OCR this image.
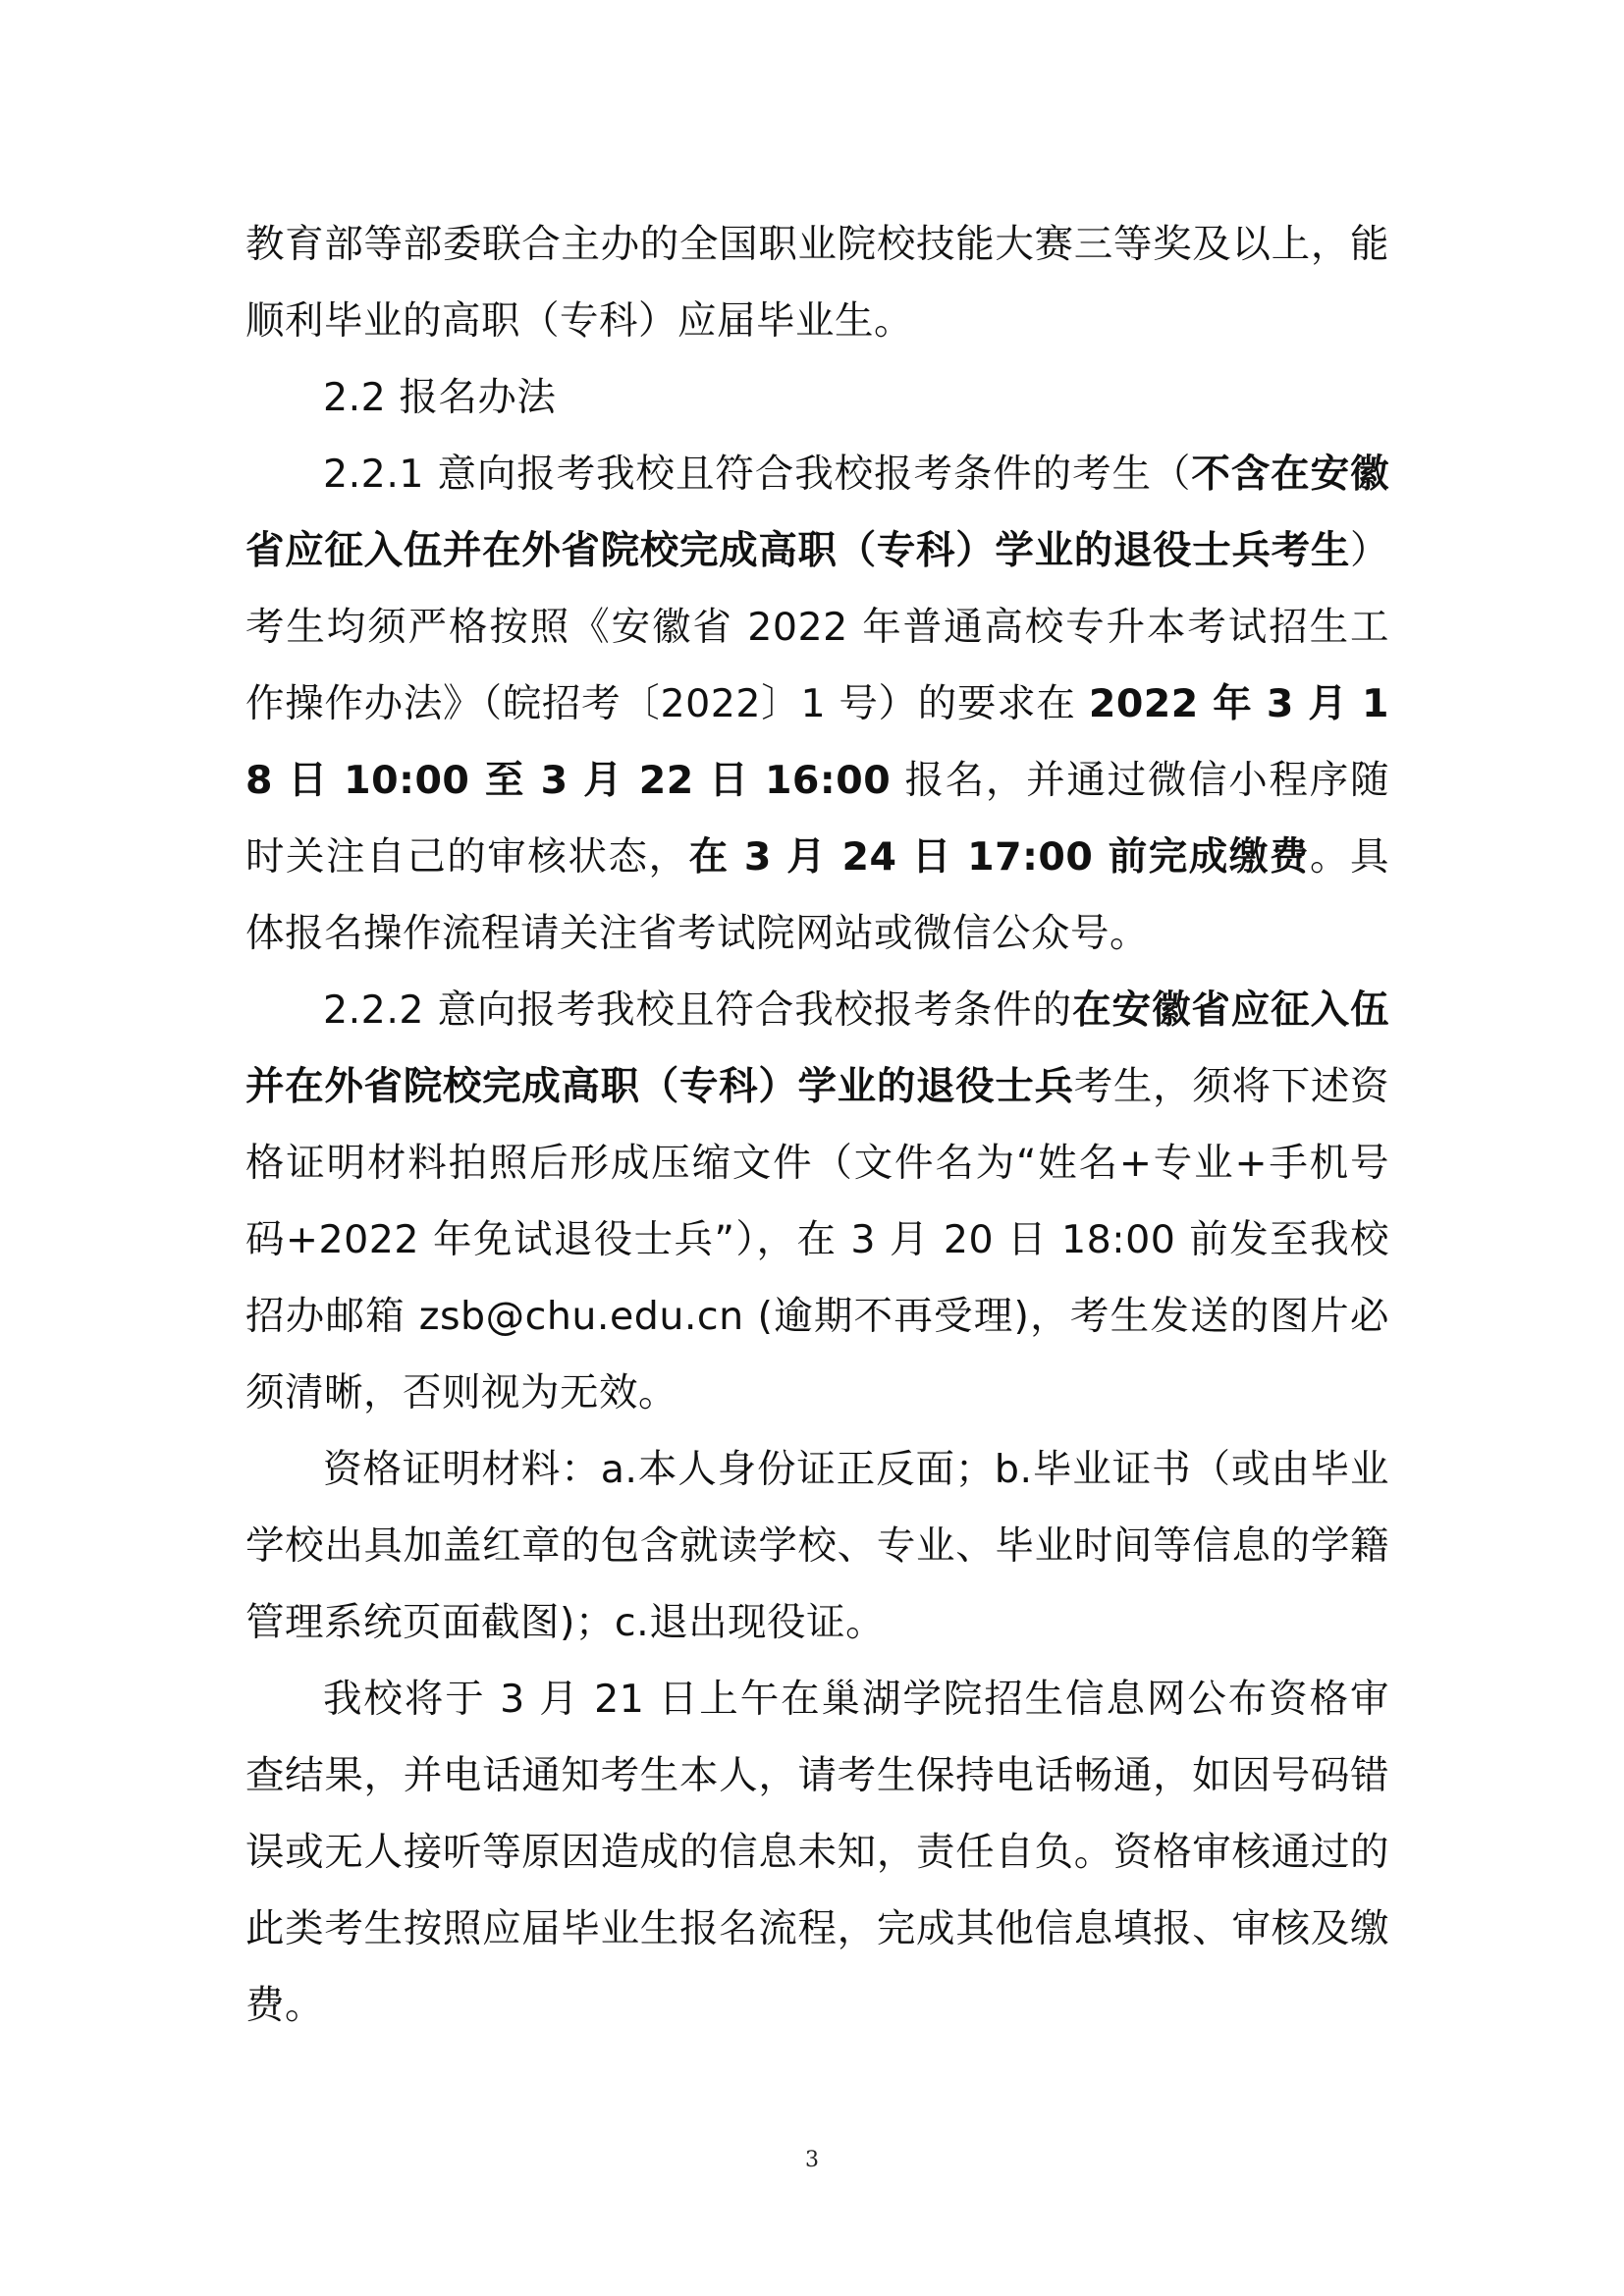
教育部等部委联合主办的全国职业院校技能大赛三等奖及以上，能顺利毕业的高职（专科）应届毕业生。

2.2 报名办法

2.2.1 意向报考我校且符合我校报考条件的考生（不含在安徽省应征入伍并在外省院校完成高职（专科）学业的退役士兵考生）考生均须严格按照《安徽省 2022 年普通高校专升本考试招生工作操作办法》（皖招考〔2022〕1 号）的要求在 2022 年 3 月 18 日 10:00 至 3 月 22 日 16:00 报名，并通过微信小程序随时关注自己的审核状态，在 3 月 24 日 17:00 前完成缴费。具体报名操作流程请关注省考试院网站或微信公众号。

2.2.2 意向报考我校且符合我校报考条件的在安徽省应征入伍并在外省院校完成高职（专科）学业的退役士兵考生，须将下述资格证明材料拍照后形成压缩文件（文件名为“姓名+专业+手机号码+2022 年免试退役士兵”），在 3 月 20 日 18:00 前发至我校招办邮箱 zsb@chu.edu.cn (逾期不再受理)，考生发送的图片必须清晰，否则视为无效。

资格证明材料：a.本人身份证正反面；b.毕业证书（或由毕业学校出具加盖红章的包含就读学校、专业、毕业时间等信息的学籍管理系统页面截图)；c.退出现役证。

我校将于 3 月 21 日上午在巢湖学院招生信息网公布资格审查结果，并电话通知考生本人，请考生保持电话畅通，如因号码错误或无人接听等原因造成的信息未知，责任自负。资格审核通过的此类考生按照应届毕业生报名流程，完成其他信息填报、审核及缴费。

3
